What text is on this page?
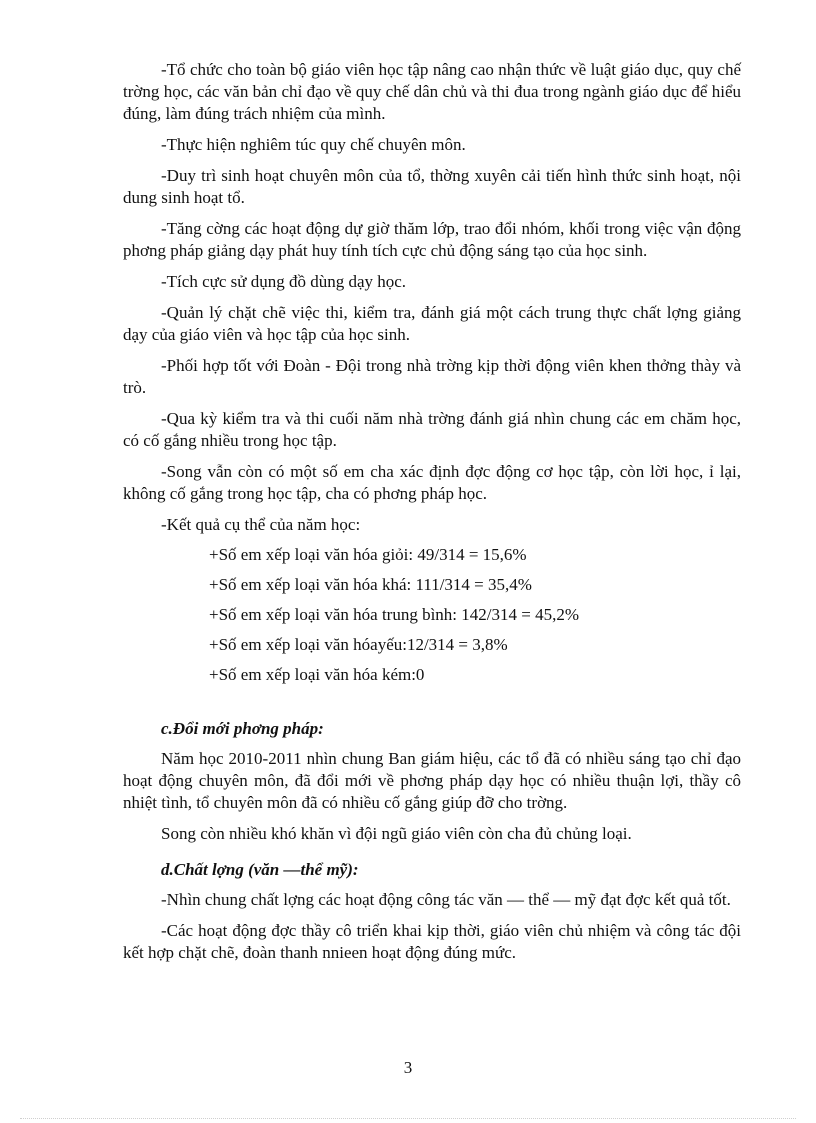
-Tổ chức cho toàn bộ giáo viên học tập nâng cao nhận thức về luật giáo dục, quy chế trờng học, các văn bản chỉ đạo về quy chế dân chủ và thi đua trong ngành giáo dục để hiểu đúng, làm đúng trách nhiệm của mình.

-Thực hiện nghiêm túc quy chế chuyên môn.

-Duy trì sinh hoạt chuyên môn của tổ, thờng xuyên cải tiến hình thức sinh hoạt, nội dung sinh hoạt tổ.

-Tăng cờng các hoạt động dự giờ thăm lớp, trao đổi nhóm, khối trong việc vận động phơng pháp giảng dạy phát huy tính tích cực chủ động sáng tạo của học sinh.

-Tích cực sử dụng đồ dùng dạy học.

-Quản lý chặt chẽ việc thi, kiểm tra, đánh giá một cách trung thực chất lợng giảng dạy của giáo viên và học tập của học sinh.

-Phối hợp tốt với Đoàn - Đội trong nhà trờng kịp thời động viên khen thởng thày và trò.

-Qua kỳ kiểm tra và thi cuối năm nhà trờng đánh giá nhìn chung các em chăm học, có cố gắng nhiều trong học tập.

-Song vẫn còn có một số em cha xác định đợc động cơ học tập, còn lời học, ỉ lại, không cố gắng trong học tập, cha có phơng pháp học.

-Kết quả cụ thể của năm học:

+Số em xếp loại văn hóa giỏi: 49/314 = 15,6%

+Số em xếp loại văn hóa khá: 111/314 = 35,4%

+Số em xếp loại văn hóa trung bình: 142/314 = 45,2%

+Số em xếp loại văn hóayếu:12/314 = 3,8%

+Số em xếp loại văn hóa kém:0

c.Đổi mới phơng pháp:

Năm học 2010-2011 nhìn chung Ban giám hiệu, các tổ đã có nhiều sáng tạo chỉ đạo hoạt động chuyên môn, đã đổi mới về phơng pháp dạy học có nhiều thuận lợi, thầy cô nhiệt tình, tổ chuyên môn đã có nhiều cố gắng giúp đỡ cho trờng.

Song còn nhiều khó khăn vì đội ngũ giáo viên còn cha đủ chủng loại.

d.Chất lợng (văn —thể mỹ):

-Nhìn chung chất lợng các hoạt động công tác văn — thể — mỹ đạt đợc kết quả tốt.

-Các hoạt động đợc thầy cô triển khai kịp thời, giáo viên chủ nhiệm và công tác đội kết hợp chặt chẽ, đoàn thanh nnieen hoạt động đúng mức.

3
